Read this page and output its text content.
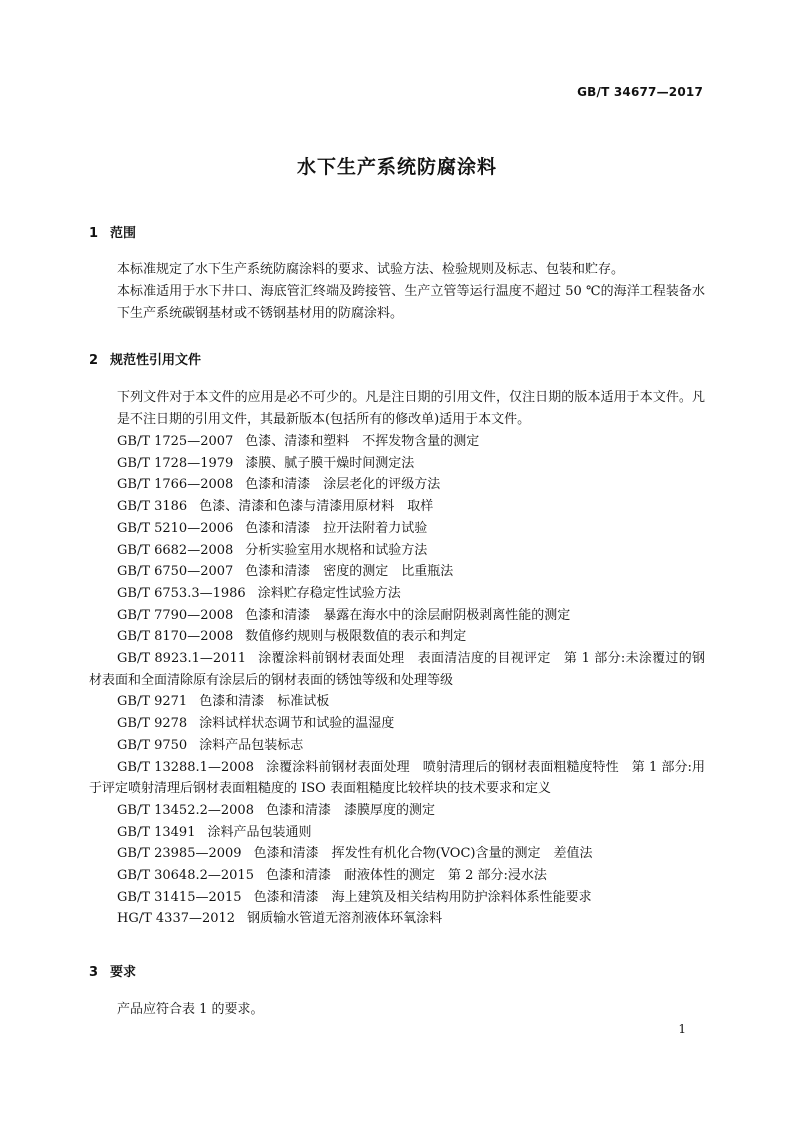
GB/T 34677—2017
水下生产系统防腐涂料
1 范围
本标准规定了水下生产系统防腐涂料的要求、试验方法、检验规则及标志、包装和贮存。
本标准适用于水下井口、海底管汇终端及跨接管、生产立管等运行温度不超过 50 ℃的海洋工程装备水下生产系统碳钢基材或不锈钢基材用的防腐涂料。
2 规范性引用文件
下列文件对于本文件的应用是必不可少的。凡是注日期的引用文件，仅注日期的版本适用于本文件。凡是不注日期的引用文件，其最新版本(包括所有的修改单)适用于本文件。
GB/T 1725—2007 色漆、清漆和塑料　不挥发物含量的测定
GB/T 1728—1979 漆膜、腻子膜干燥时间测定法
GB/T 1766—2008 色漆和清漆　涂层老化的评级方法
GB/T 3186 色漆、清漆和色漆与清漆用原材料　取样
GB/T 5210—2006 色漆和清漆　拉开法附着力试验
GB/T 6682—2008 分析实验室用水规格和试验方法
GB/T 6750—2007 色漆和清漆　密度的测定　比重瓶法
GB/T 6753.3—1986 涂料贮存稳定性试验方法
GB/T 7790—2008 色漆和清漆　暴露在海水中的涂层耐阴极剥离性能的测定
GB/T 8170—2008 数值修约规则与极限数值的表示和判定
GB/T 8923.1—2011 涂覆涂料前钢材表面处理　表面清洁度的目视评定　第 1 部分:未涂覆过的钢材表面和全面清除原有涂层后的钢材表面的锈蚀等级和处理等级
GB/T 9271 色漆和清漆　标准试板
GB/T 9278 涂料试样状态调节和试验的温湿度
GB/T 9750 涂料产品包装标志
GB/T 13288.1—2008 涂覆涂料前钢材表面处理　喷射清理后的钢材表面粗糙度特性　第 1 部分:用于评定喷射清理后钢材表面粗糙度的 ISO 表面粗糙度比较样块的技术要求和定义
GB/T 13452.2—2008 色漆和清漆　漆膜厚度的测定
GB/T 13491 涂料产品包装通则
GB/T 23985—2009 色漆和清漆　挥发性有机化合物(VOC)含量的测定　差值法
GB/T 30648.2—2015 色漆和清漆　耐液体性的测定　第 2 部分:浸水法
GB/T 31415—2015 色漆和清漆　海上建筑及相关结构用防护涂料体系性能要求
HG/T 4337—2012 钢质输水管道无溶剂液体环氧涂料
3 要求
产品应符合表 1 的要求。
1
